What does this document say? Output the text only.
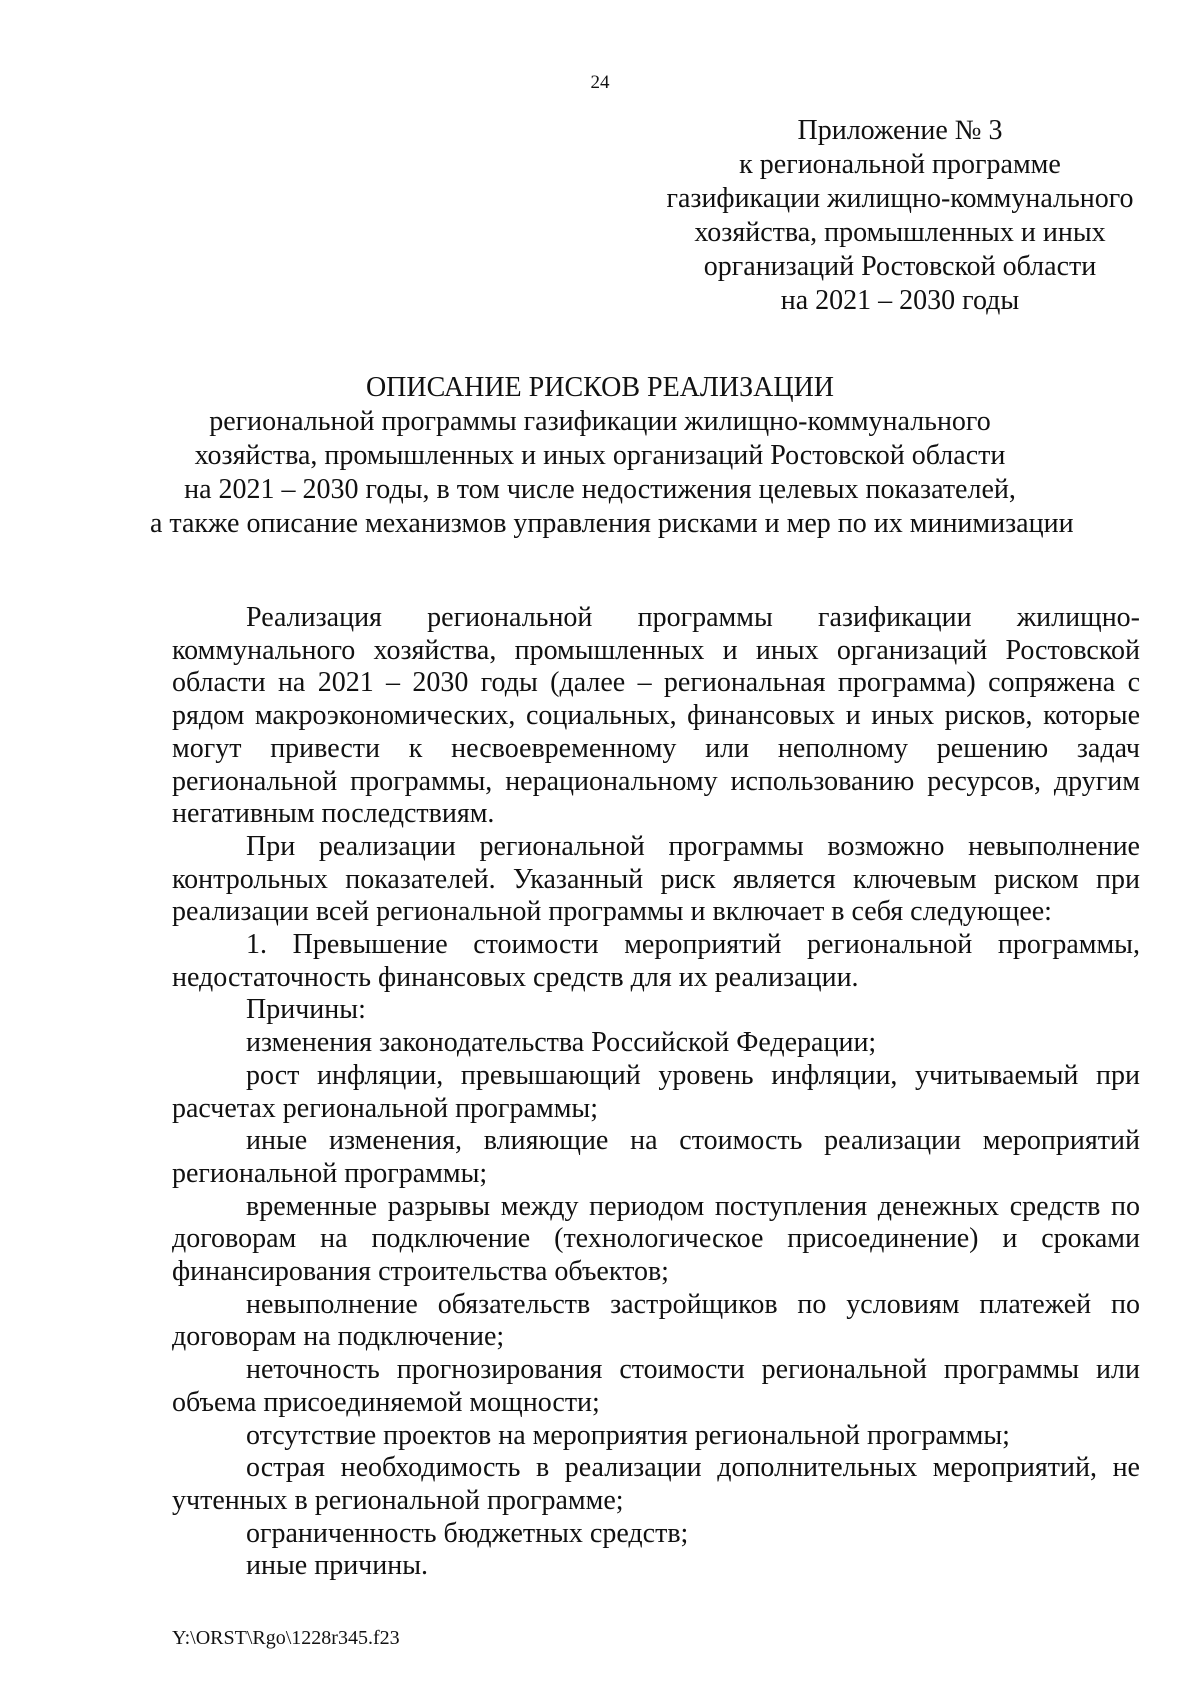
24
Приложение № 3
к региональной программе
газификации жилищно-коммунального
хозяйства, промышленных и иных
организаций Ростовской области
на 2021 – 2030 годы
ОПИСАНИЕ РИСКОВ РЕАЛИЗАЦИИ
региональной программы газификации жилищно-коммунального
хозяйства, промышленных и иных организаций Ростовской области
на 2021 – 2030 годы, в том числе недостижения целевых показателей,
а также описание механизмов управления рисками и мер по их минимизации

Реализация региональной программы газификации жилищно-коммунального хозяйства, промышленных и иных организаций Ростовской области на 2021 – 2030 годы (далее – региональная программа) сопряжена с рядом макроэкономических, социальных, финансовых и иных рисков, которые могут привести к несвоевременному или неполному решению задач региональной программы, нерациональному использованию ресурсов, другим негативным последствиям.

При реализации региональной программы возможно невыполнение контрольных показателей. Указанный риск является ключевым риском при реализации всей региональной программы и включает в себя следующее:

1. Превышение стоимости мероприятий региональной программы, недостаточность финансовых средств для их реализации.

Причины:

изменения законодательства Российской Федерации;

рост инфляции, превышающий уровень инфляции, учитываемый при расчетах региональной программы;

иные изменения, влияющие на стоимость реализации мероприятий региональной программы;

временные разрывы между периодом поступления денежных средств по договорам на подключение (технологическое присоединение) и сроками финансирования строительства объектов;

невыполнение обязательств застройщиков по условиям платежей по договорам на подключение;

неточность прогнозирования стоимости региональной программы или объема присоединяемой мощности;

отсутствие проектов на мероприятия региональной программы;

острая необходимость в реализации дополнительных мероприятий, не учтенных в региональной программе;

ограниченность бюджетных средств;

иные причины.

Y:\ORST\Rgo\1228r345.f23
